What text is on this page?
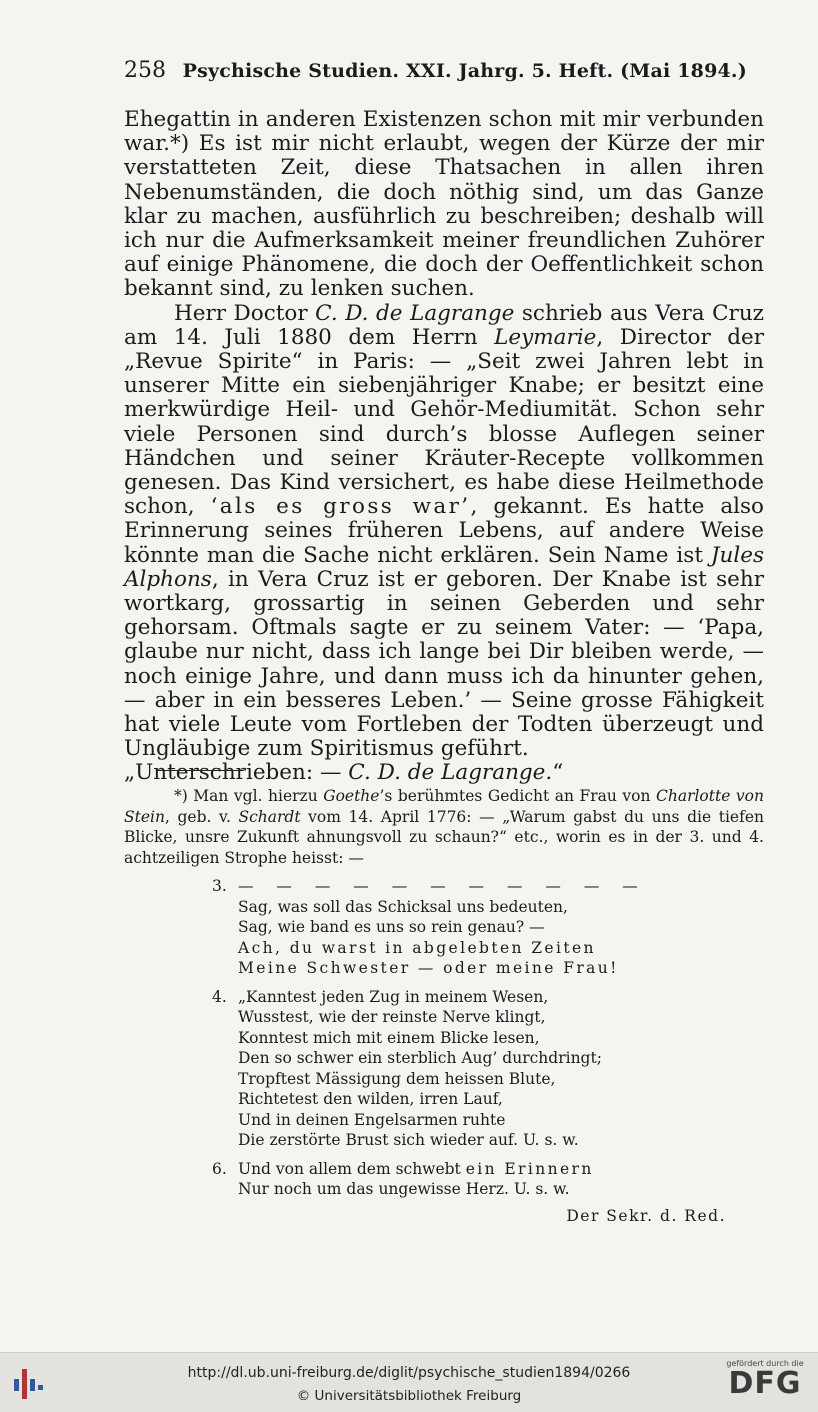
258 Psychische Studien. XXI. Jahrg. 5. Heft. (Mai 1894.)

Ehegattin in anderen Existenzen schon mit mir verbunden war.*) Es ist mir nicht erlaubt, wegen der Kürze der mir verstatteten Zeit, diese Thatsachen in allen ihren Nebenumständen, die doch nöthig sind, um das Ganze klar zu machen, ausführlich zu beschreiben; deshalb will ich nur die Aufmerksamkeit meiner freundlichen Zuhörer auf einige Phänomene, die doch der Oeffentlichkeit schon bekannt sind, zu lenken suchen.

Herr Doctor C. D. de Lagrange schrieb aus Vera Cruz am 14. Juli 1880 dem Herrn Leymarie, Director der „Revue Spirite“ in Paris: — „Seit zwei Jahren lebt in unserer Mitte ein siebenjähriger Knabe; er besitzt eine merkwürdige Heil- und Gehör-Mediumität. Schon sehr viele Personen sind durch’s blosse Auflegen seiner Händchen und seiner Kräuter-Recepte vollkommen genesen. Das Kind versichert, es habe diese Heilmethode schon, ‘als es gross war’, gekannt. Es hatte also Erinnerung seines früheren Lebens, auf andere Weise könnte man die Sache nicht erklären. Sein Name ist Jules Alphons, in Vera Cruz ist er geboren. Der Knabe ist sehr wortkarg, grossartig in seinen Geberden und sehr gehorsam. Oftmals sagte er zu seinem Vater: — ‘Papa, glaube nur nicht, dass ich lange bei Dir bleiben werde, — noch einige Jahre, und dann muss ich da hinunter gehen, — aber in ein besseres Leben.’ — Seine grosse Fähigkeit hat viele Leute vom Fortleben der Todten überzeugt und Ungläubige zum Spiritismus geführt.

„Unterschrieben: — C. D. de Lagrange.“

*) Man vgl. hierzu Goethe’s berühmtes Gedicht an Frau von Charlotte von Stein, geb. v. Schardt vom 14. April 1776: — „Warum gabst du uns die tiefen Blicke, unsre Zukunft ahnungsvoll zu schaun?“ etc., worin es in der 3. und 4. achtzeiligen Strophe heisst: —

3. — — — — — — — — — — —
Sag, was soll das Schicksal uns bedeuten,
Sag, wie band es uns so rein genau? —
Ach, du warst in abgelebten Zeiten
Meine Schwester — oder meine Frau!
4. „Kanntest jeden Zug in meinem Wesen,
Wusstest, wie der reinste Nerve klingt,
Konntest mich mit einem Blicke lesen,
Den so schwer ein sterblich Aug’ durchdringt;
Tropftest Mässigung dem heissen Blute,
Richtetest den wilden, irren Lauf,
Und in deinen Engelsarmen ruhte
Die zerstörte Brust sich wieder auf. U. s. w.
6. Und von allem dem schwebt ein Erinnern
Nur noch um das ungewisse Herz. U. s. w.
Der Sekr. d. Red.
http://dl.ub.uni-freiburg.de/diglit/psychische_studien1894/0266
© Universitätsbibliothek Freiburg
gefördert durch die
DFG
